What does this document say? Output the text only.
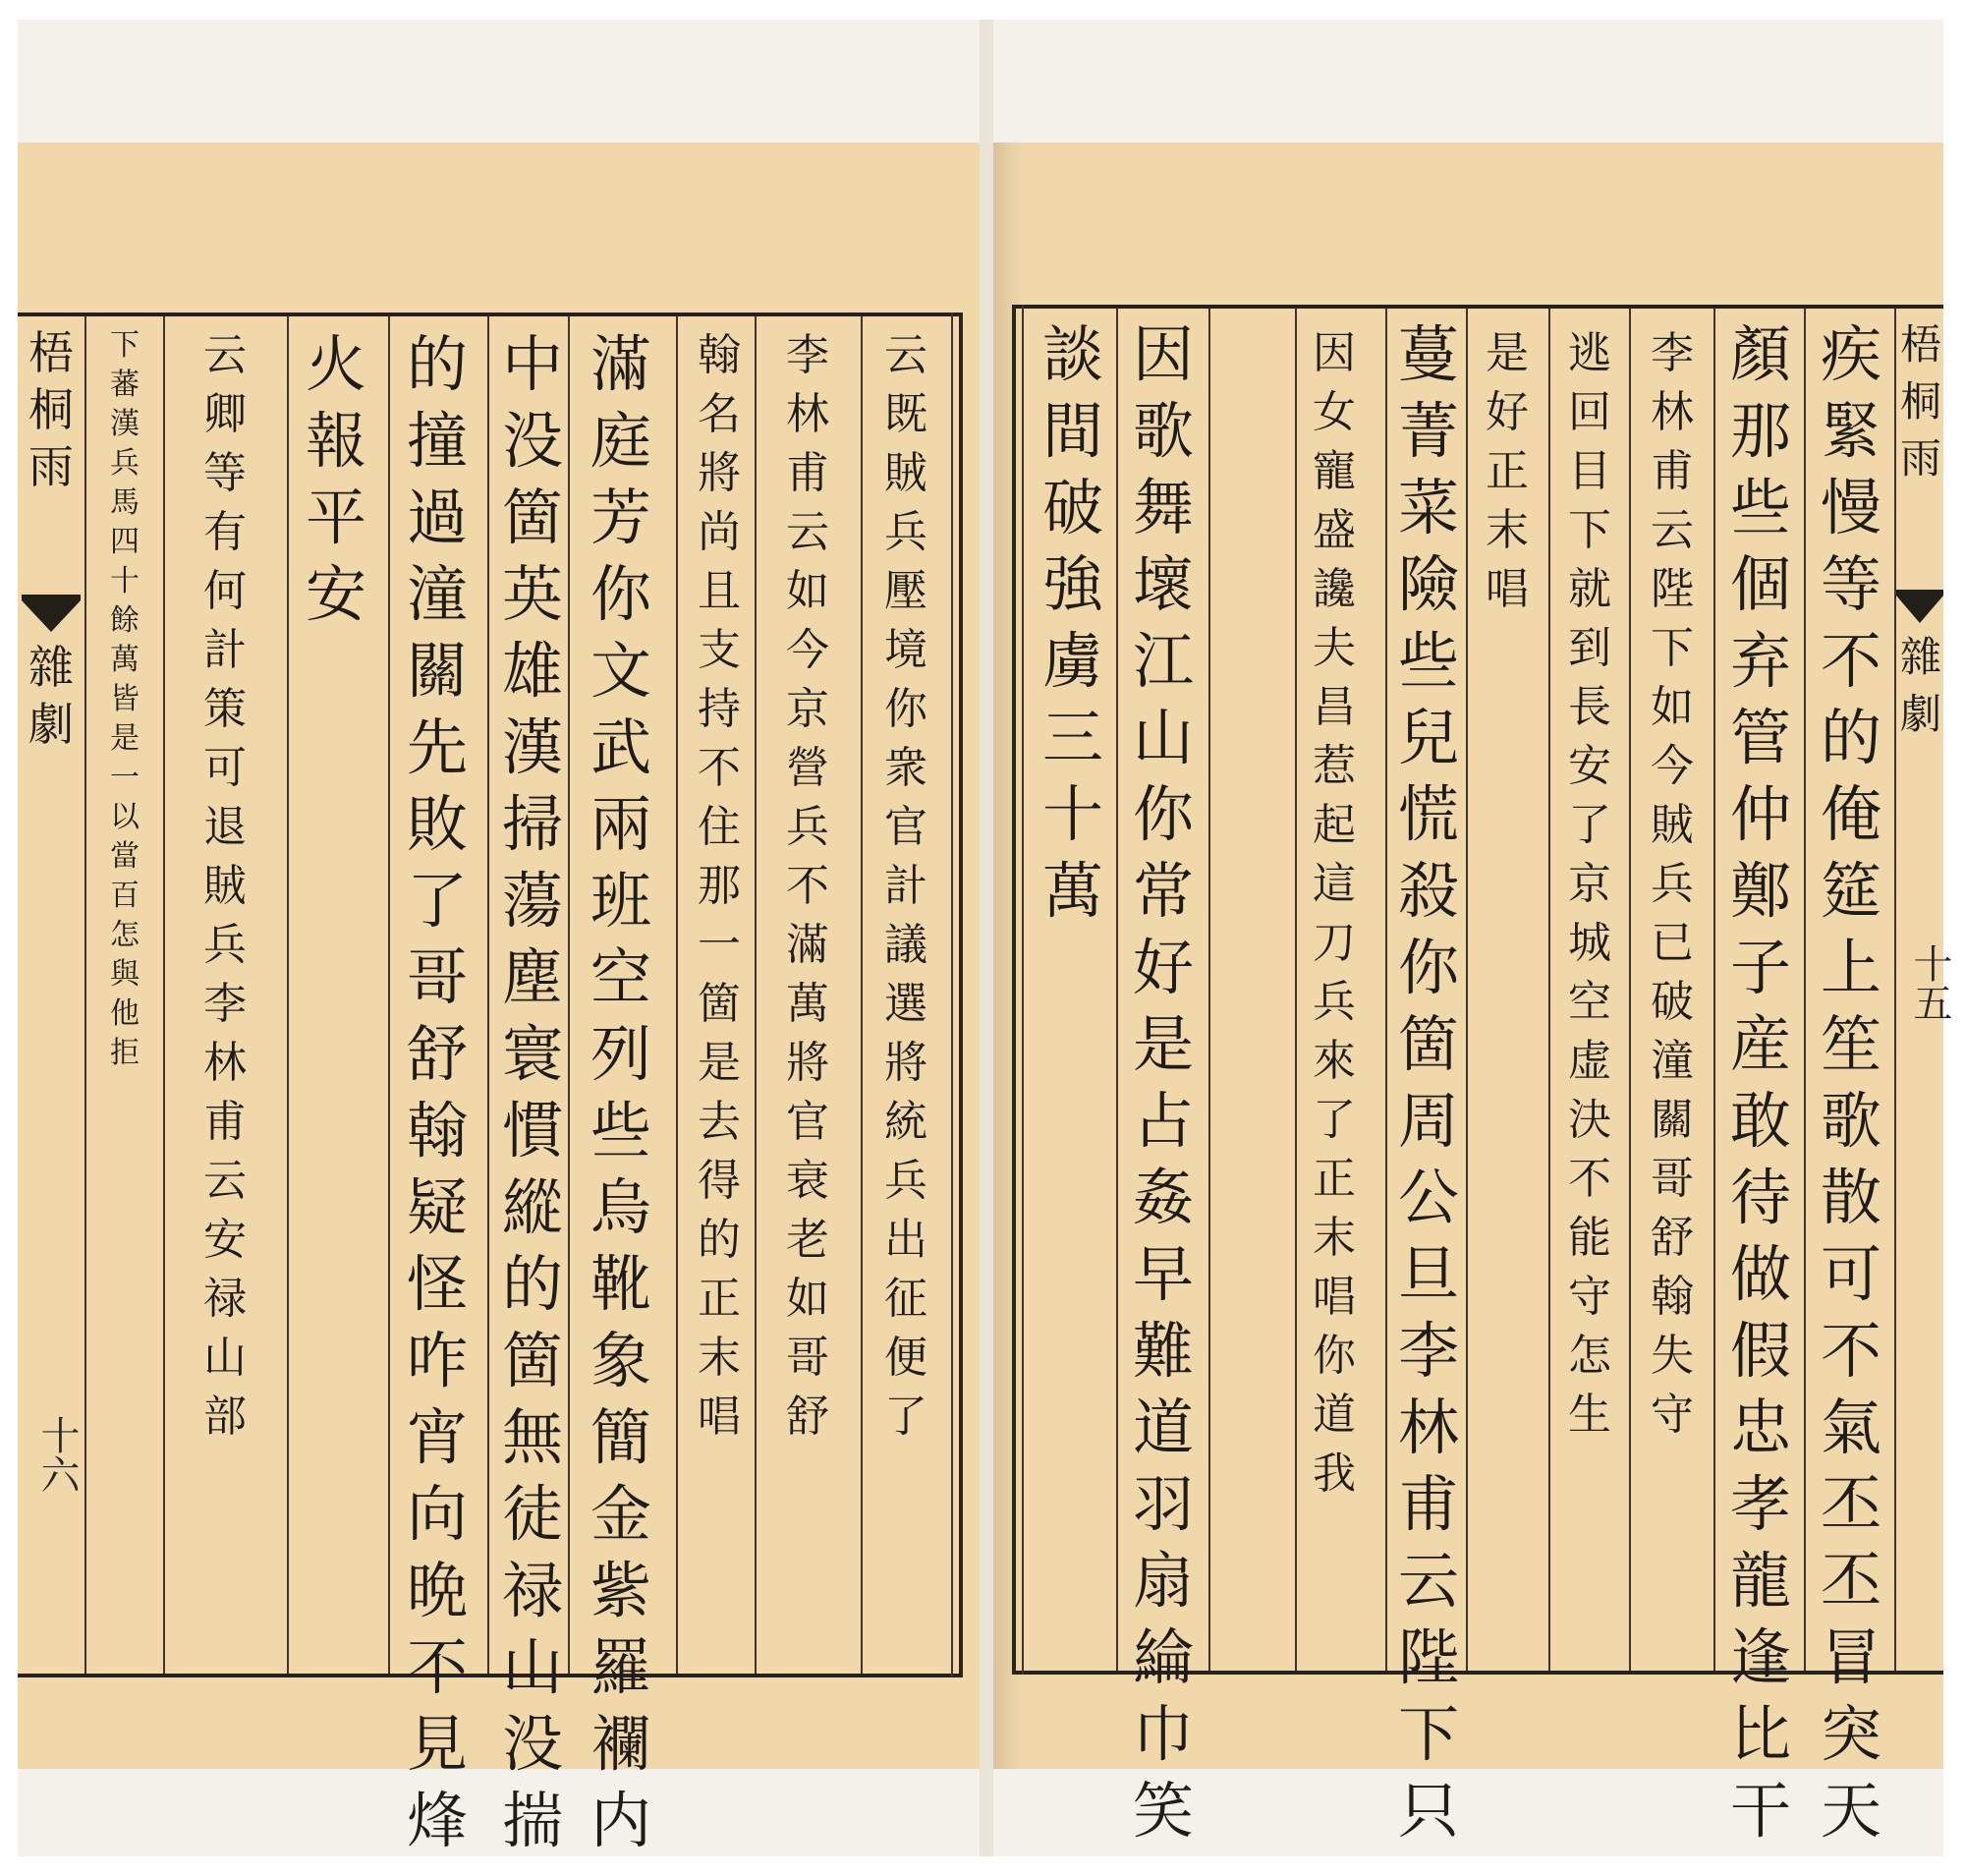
梧
桐
雨
雜
劇
十六
下
蕃
漢
兵
馬
四
十
餘
萬
皆
是
一
以
當
百
怎
與
他
拒
云
卿
等
有
何
計
策
可
退
賊
兵
李
林
甫
云
安
禄
山
部
火
報
平
安
的
撞
過
潼
關
先
敗
了
哥
舒
翰
疑
怪
咋
宵
向
晩
不
見
烽
中
没
箇
英
雄
漢
掃
蕩
塵
寰
慣
縱
的
箇
無
徒
禄
山
没
揣
滿
庭
芳
你
文
武
兩
班
空
列
些
烏
靴
象
簡
金
紫
羅
襴
内
翰
名
將
尚
且
支
持
不
住
那
一
箇
是
去
得
的
正
末
唱
李
林
甫
云
如
今
京
營
兵
不
滿
萬
將
官
衰
老
如
哥
舒
云
既
賊
兵
壓
境
你
衆
官
計
議
選
將
統
兵
出
征
便
了
梧
桐
雨
雜
劇
十五
疾
緊
慢
等
不
的
俺
筵
上
笙
歌
散
可
不
氣
丕
丕
冒
突
天
顏
那
些
個
弃
管
仲
鄭
子
産
敢
待
做
假
忠
孝
龍
逢
比
干
李
林
甫
云
陛
下
如
今
賊
兵
已
破
潼
關
哥
舒
翰
失
守
逃
回
目
下
就
到
長
安
了
京
城
空
虚
決
不
能
守
怎
生
是
好
正
末
唱
蔓
菁
菜
險
些
兒
慌
殺
你
箇
周
公
旦
李
林
甫
云
陛
下
只
因
女
寵
盛
讒
夫
昌
惹
起
這
刀
兵
來
了
正
末
唱
你
道
我
因
歌
舞
壞
江
山
你
常
好
是
占
姦
早
難
道
羽
扇
綸
巾
笑
談
間
破
強
虜
三
十
萬
